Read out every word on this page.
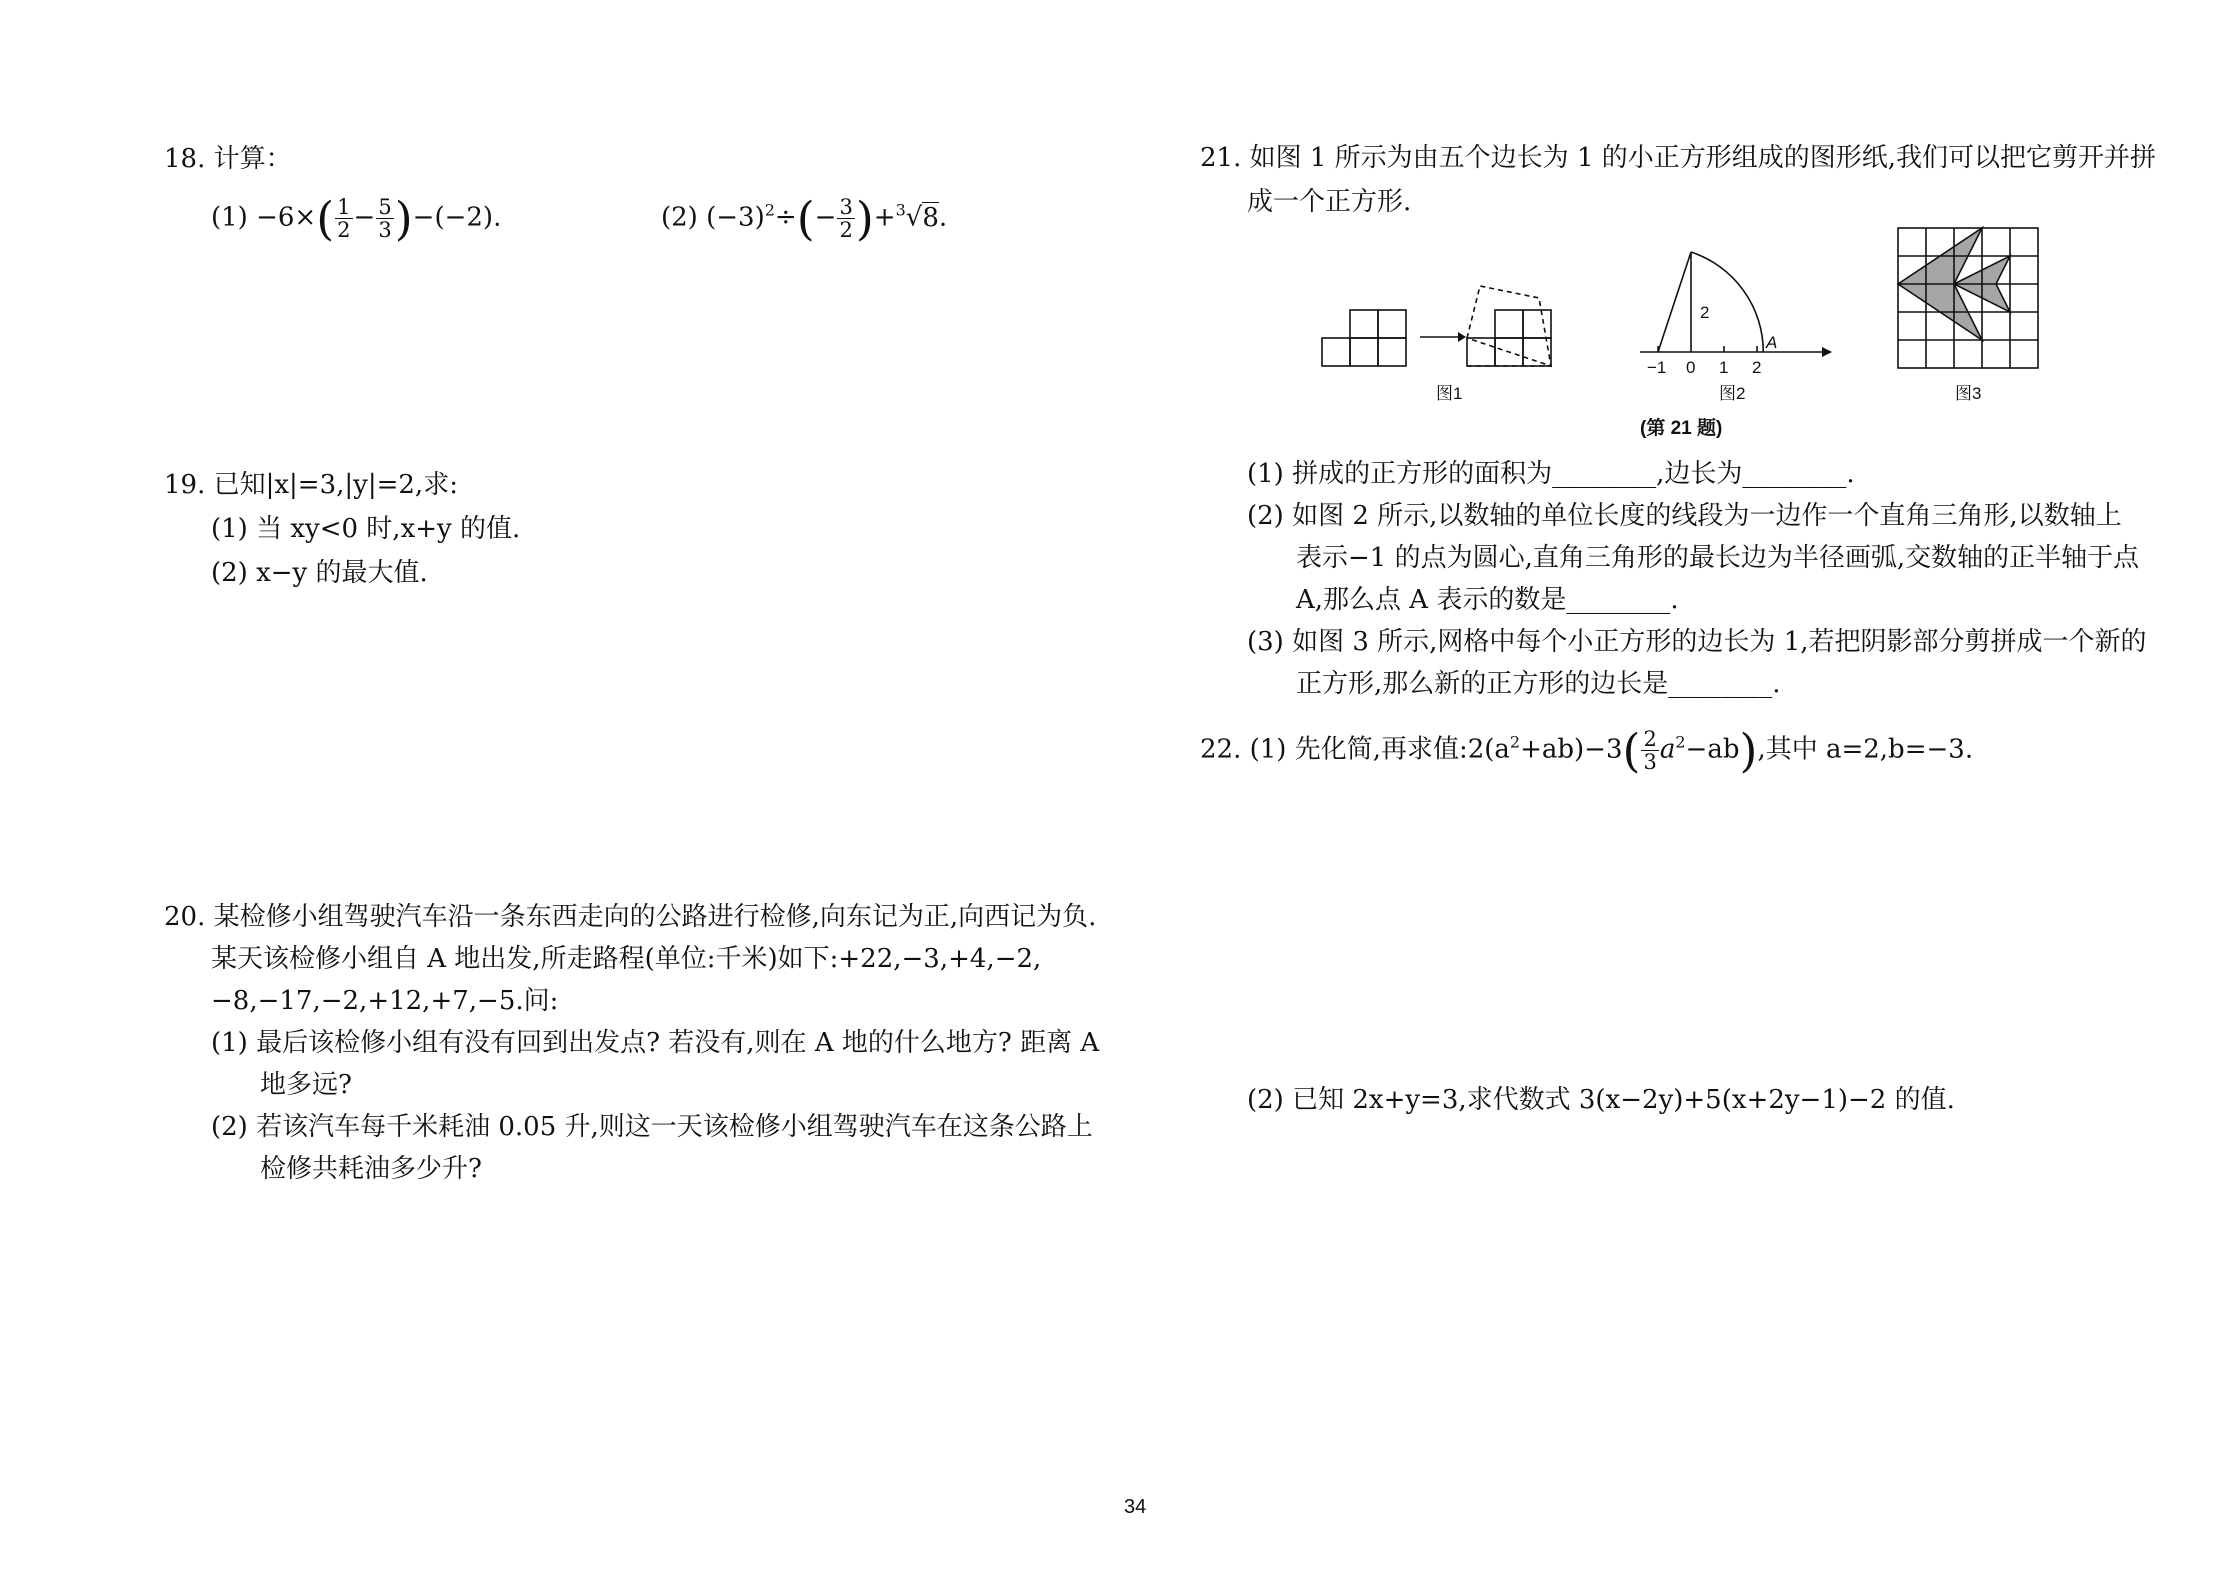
18. 计算：
$(1) -6\times( \frac{1}{2} - \frac{5}{3} )-(-2)$.	(2) $(-3)^2\div(- \frac{3}{2} )+^3√8$.
19. 已知|x|=3,|y|=2,求:
(1) 当 xy<0 时,x+y 的值.
(2) x−y 的最大值.
20. 某检修小组驾驶汽车沿一条东西走向的公路进行检修,向东记为正,向西记为负.
某天该检修小组自 A 地出发,所走路程(单位:千米)如下:+22,−3,+4,−2,
−8,−17,−2,+12,+7,−5.问:
(1) 最后该检修小组有没有回到出发点? 若没有,则在 A 地的什么地方? 距离 A
地多远?
(2) 若该汽车每千米耗油 0.05 升,则这一天该检修小组驾驶汽车在这条公路上
检修共耗油多少升?
21. 如图 1 所示为由五个边长为 1 的小正方形组成的图形纸,我们可以把它剪开并拼
成一个正方形.
图1
2
A
−1 0 1 2
图2	图3
(第 21 题)
(1) 拼成的正方形的面积为________,边长为________.
(2) 如图 2 所示,以数轴的单位长度的线段为一边作一个直角三角形,以数轴上
表示−1 的点为圆心,直角三角形的最长边为半径画弧,交数轴的正半轴于点
A,那么点 A 表示的数是________.
(3) 如图 3 所示,网格中每个小正方形的边长为 1,若把阴影部分剪拼成一个新的
正方形,那么新的正方形的边长是________.
22. (1) 先化简,再求值$:2(a^2+ab)-3( \frac{2}{3} a^2-ab)$,其中 a=2,b=−3.
(2) 已知 2x+y=3,求代数式 3(x−2y)+5(x+2y−1)−2 的值.
34
